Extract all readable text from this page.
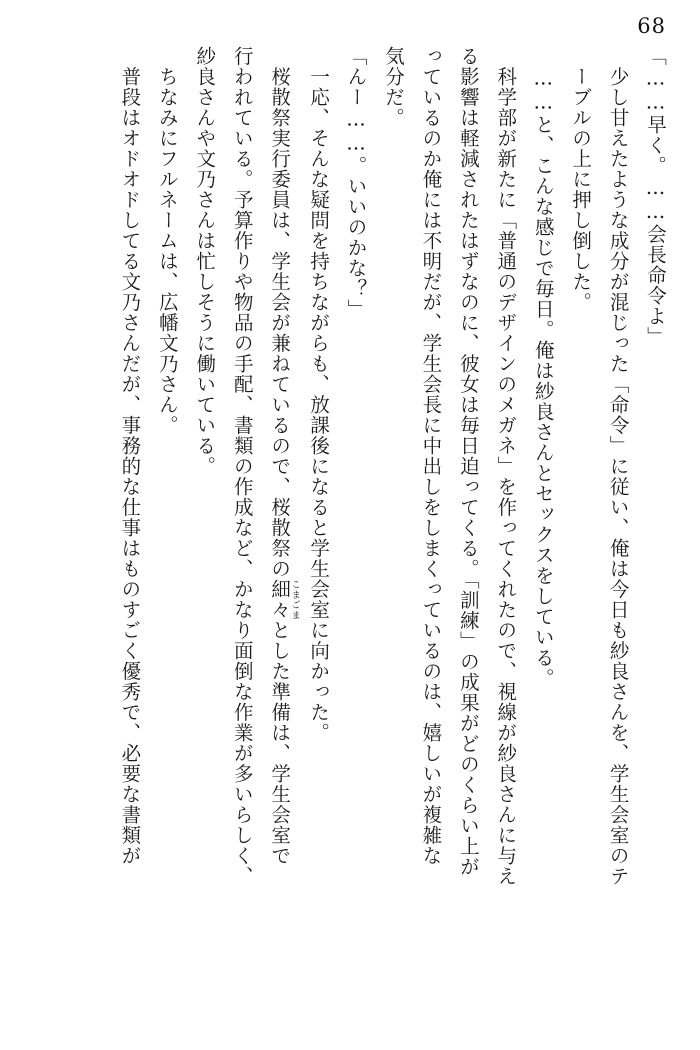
68

「……早く。……会長命令よ」

　少し甘えたような成分が混じった「命令」に従い、俺は今日も紗良さんを、学生会室のテ

　ーブルの上に押し倒した。

　……と、こんな感じで毎日。俺は紗良さんとセックスをしている。

　科学部が新たに「普通のデザインのメガネ」を作ってくれたので、視線が紗良さんに与え

る影響は軽減されたはずなのに、彼女は毎日迫ってくる。「訓練」の成果がどのくらい上が

っているのか俺には不明だが、学生会長に中出しをしまくっているのは、嬉しいが複雑な

気分だ。

「んー……。いいのかな？」

　一応、そんな疑問を持ちながらも、放課後になると学生会室に向かった。

　桜散祭実行委員は、学生会が兼ねているので、桜散祭の細々こまごまとした準備は、学生会室で

行われている。予算作りや物品の手配、書類の作成など、かなり面倒な作業が多いらしく、

紗良さんや文乃さんは忙しそうに働いている。

　ちなみにフルネームは、広幡文乃さん。

　普段はオドオドしてる文乃さんだが、事務的な仕事はものすごく優秀で、必要な書類が
